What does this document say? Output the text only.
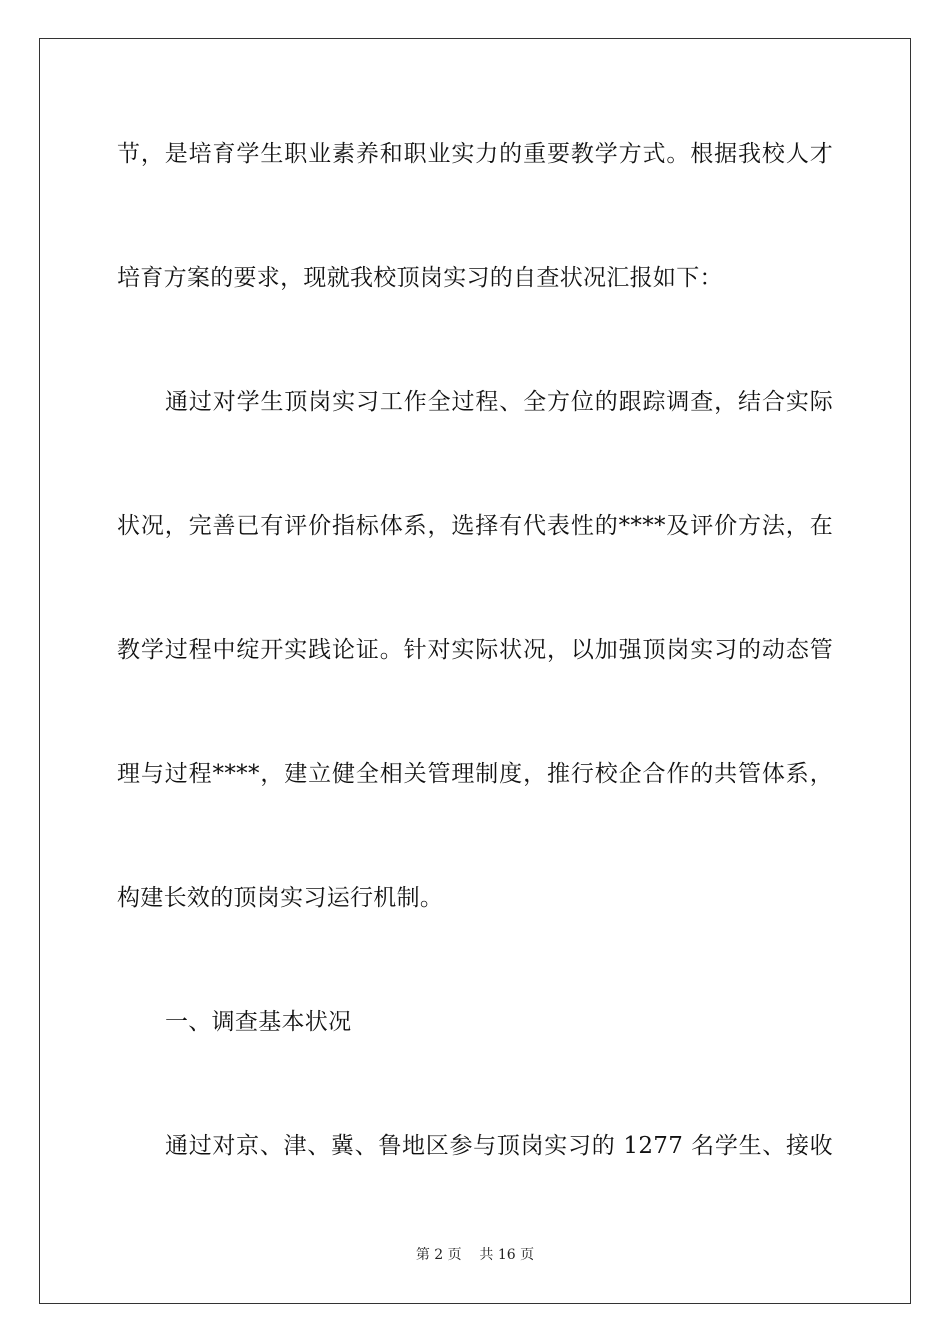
节，是培育学生职业素养和职业实力的重要教学方式。根据我校人才
培育方案的要求，现就我校顶岗实习的自查状况汇报如下：
通过对学生顶岗实习工作全过程、全方位的跟踪调查，结合实际
状况，完善已有评价指标体系，选择有代表性的****及评价方法，在
教学过程中绽开实践论证。针对实际状况，以加强顶岗实习的动态管
理与过程****，建立健全相关管理制度，推行校企合作的共管体系，
构建长效的顶岗实习运行机制。
一、调查基本状况
通过对京、津、冀、鲁地区参与顶岗实习的 1277 名学生、接收
第 2 页    共 16 页
